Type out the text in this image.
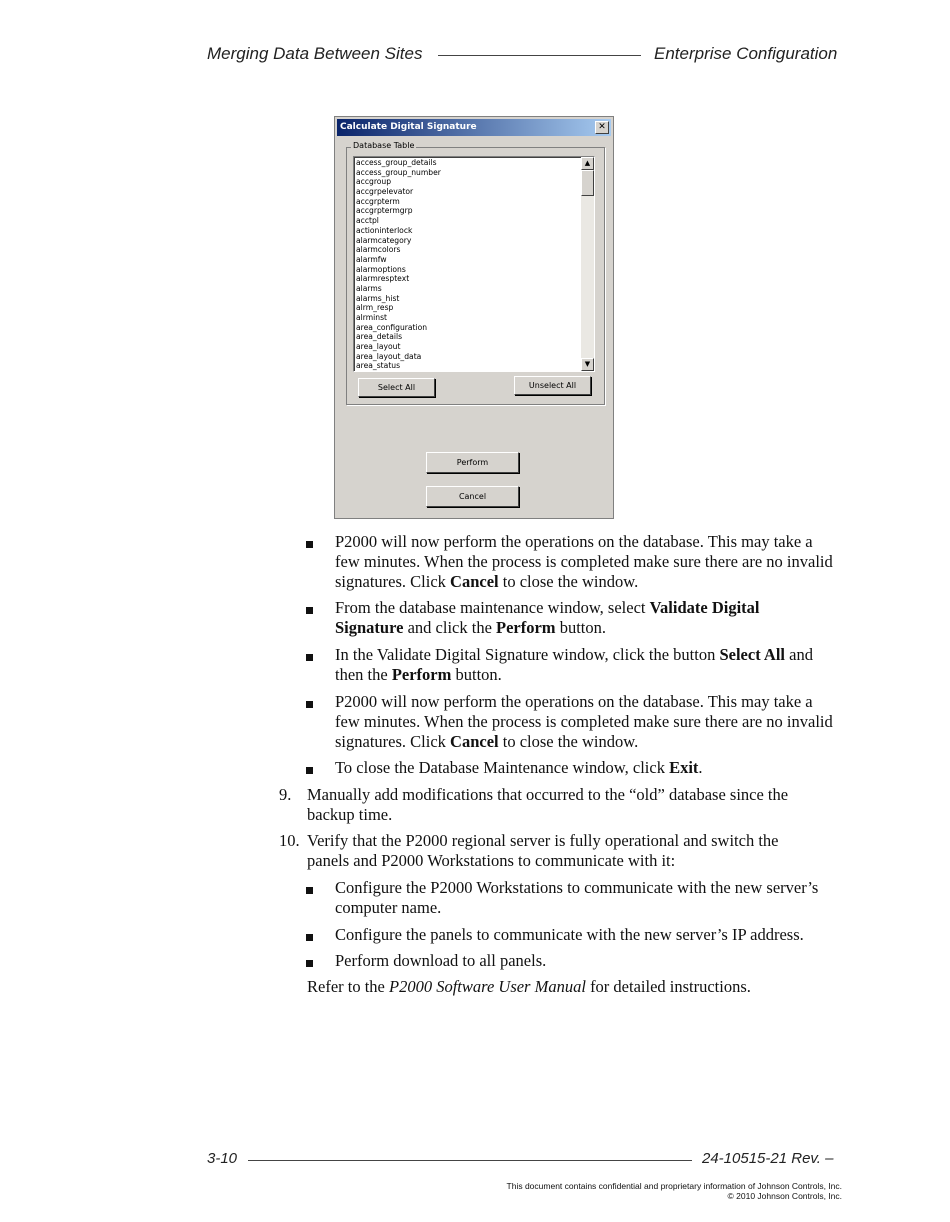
Merging Data Between Sites	Enterprise Configuration
Calculate Digital Signature	✕
Database Table
access_group_details
access_group_number
accgroup
accgrpelevator
accgrpterm
accgrptermgrp
acctpl
actioninterlock
alarmcategory
alarmcolors
alarmfw
alarmoptions
alarmresptext
alarms
alarms_hist
alrm_resp
alrminst
area_configuration
area_details
area_layout
area_layout_data
area_status
▲
▼
Select All	Unselect All
Perform
Cancel
P2000 will now perform the operations on the database. This may take a few minutes. When the process is completed make sure there are no invalid signatures. Click Cancel to close the window.
From the database maintenance window, select Validate Digital Signature and click the Perform button.
In the Validate Digital Signature window, click the button Select All and then the Perform button.
P2000 will now perform the operations on the database. This may take a few minutes. When the process is completed make sure there are no invalid signatures. Click Cancel to close the window.
To close the Database Maintenance window, click Exit.
9. Manually add modifications that occurred to the “old” database since the backup time.
10. Verify that the P2000 regional server is fully operational and switch the panels and P2000 Workstations to communicate with it:
Configure the P2000 Workstations to communicate with the new server’s computer name.
Configure the panels to communicate with the new server’s IP address.
Perform download to all panels.
Refer to the P2000 Software User Manual for detailed instructions.
3-10	24-10515-21 Rev. –
This document contains confidential and proprietary information of Johnson Controls, Inc.
© 2010 Johnson Controls, Inc.
